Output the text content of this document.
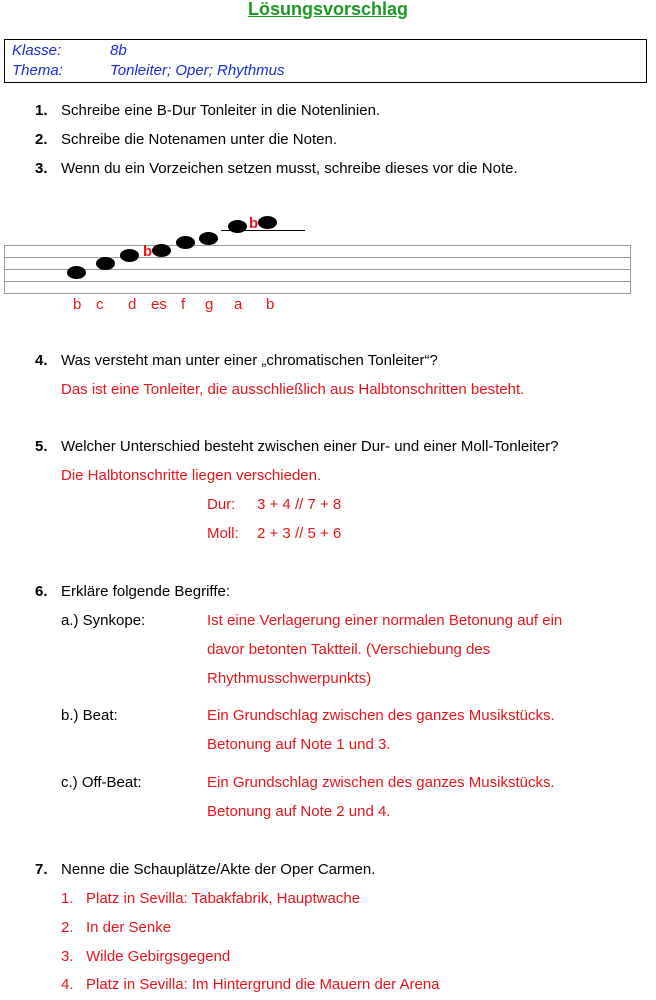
Lösungsvorschlag
Klasse:	8b
Thema:	Tonleiter; Oper; Rhythmus
1. Schreibe eine B-Dur Tonleiter in die Notenlinien.
2. Schreibe die Notenamen unter die Noten.
3. Wenn du ein Vorzeichen setzen musst, schreibe dieses vor die Note.
b
b
b c d es f g a b
4. Was versteht man unter einer „chromatischen Tonleiter“?
Das ist eine Tonleiter, die ausschließlich aus Halbtonschritten besteht.
5. Welcher Unterschied besteht zwischen einer Dur- und einer Moll-Tonleiter?
Die Halbtonschritte liegen verschieden.
Dur: 3 + 4 // 7 + 8
Moll: 2 + 3 // 5 + 6
6. Erkläre folgende Begriffe:
a.) Synkope:	Ist eine Verlagerung einer normalen Betonung auf ein
davor betonten Taktteil. (Verschiebung des
Rhythmusschwerpunkts)
b.) Beat:	Ein Grundschlag zwischen des ganzes Musikstücks.
Betonung auf Note 1 und 3.
c.) Off-Beat:	Ein Grundschlag zwischen des ganzes Musikstücks.
Betonung auf Note 2 und 4.
7. Nenne die Schauplätze/Akte der Oper Carmen.
1. Platz in Sevilla: Tabakfabrik, Hauptwache
2. In der Senke
3. Wilde Gebirgsgegend
4. Platz in Sevilla: Im Hintergrund die Mauern der Arena
